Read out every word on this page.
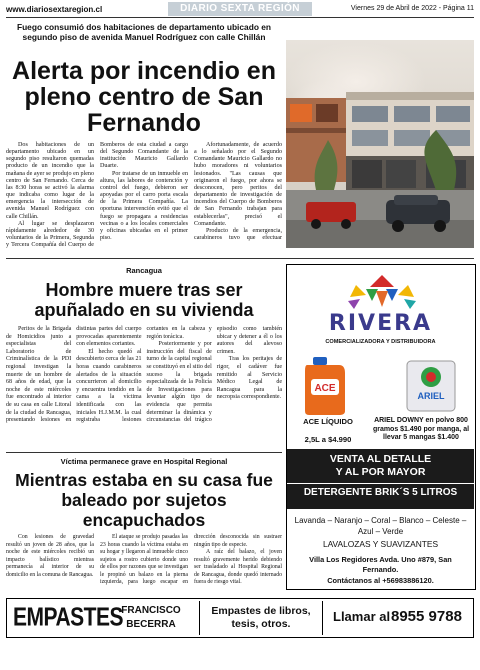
www.diariosextaregion.cl	DIARIO SEXTA REGIÓN	Viernes 29 de Abril de 2022 - Página 11
Fuego consumió dos habitaciones de departamento ubicado en segundo piso de avenida Manuel Rodríguez con calle Chillán
Alerta por incendio en pleno centro de San Fernando

Dos habitaciones de un departamento ubicado en un segundo piso resultaron quemadas producto de un incendio que la mañana de ayer se produjo en pleno centro de San Fernando. Cerca de las 8:30 horas se activó la alarma que indicaba como lugar de la emergencia la intersección de avenida Manuel Rodríguez con calle Chillán.

Al lugar se desplazaron rápidamente alrededor de 30 voluntarios de la Primera, Segunda y Tercera Compañía del Cuerpo de Bomberos de esta ciudad a cargo del Segundo Comandante de la institución Mauricio Gallardo Duarte.

Por tratarse de un inmueble en altura, las labores de contención y control del fuego, debieron ser apoyadas por el carro porta escala de la Primera Compañía. La oportuna intervención evitó que el fuego se propagara a residencias vecinas o a los locales comerciales y oficinas ubicadas en el primer piso.

Afortunadamente, de acuerdo a lo señalado por el Segundo Comandante Mauricio Gallardo no hubo moradores ni voluntarios lesionados. "Las causas que originaron el fuego, por ahora se desconocen, pero peritos del departamento de investigación de incendios del Cuerpo de Bomberos de San Fernando trabajan para establecerlas", precisó el Comandante.

Producto de la emergencia, carabineros tuvo que efectuar

Rancagua
Hombre muere tras ser apuñalado en su vivienda

Peritos de la Brigada de Homicidios junto a especialistas del Laboratorio de Criminalística de la PDI regional investigan la muerte de un hombre de 68 años de edad, que la noche de este miércoles fue encontrado al interior de su casa en calle Litoral de la ciudad de Rancagua, presentando lesiones en distintas partes del cuerpo provocadas aparentemente con elementos cortantes.

El hecho quedó al descubierto cerca de las 21 horas cuando carabineros alertados de la situación concurrieron al domicilio y encuentra tendido en la cama a la víctima identificada con las iniciales H.J.M.M. la cual registraba lesiones cortantes en la cabeza y región torácica.

Posteriormente y por instrucción del fiscal de turno de la capital regional se constituyó en el sitio del suceso la brigada especializada de la Policía de Investigaciones para levantar algún tipo de evidencia que permita determinar la dinámica y circunstancias del trágico episodio como también ubicar y detener a él o los autores del alevoso crimen.

Tras los peritajes de rigor, el cadáver fue remitido al Servicio Médico Legal de Rancagua para la necropsia correspondiente.

Víctima permanece grave en Hospital Regional
Mientras estaba en su casa fue baleado por sujetos encapuchados

Con lesiones de gravedad resultó un joven de 28 años, que la noche de este miércoles recibió un impacto balístico mientras permanecía al interior de su domicilio en la comuna de Rancagua.

El ataque se produjo pasadas las 23 horas cuando la víctima estaba en su hogar y llegaron al inmueble cinco sujetos a rostro cubierto donde uno de ellos por razones que se investigan le propinó un balazo en la pierna izquierda, para luego escapar en dirección desconocida sin sustraer ningún tipo de especie.

A raíz del balazo, el joven resultó gravemente herido debiendo ser trasladado al Hospital Regional de Rancagua, donde quedó internado fuera de riesgo vital.

RIVERA
COMERCIALIZADORA Y DISTRIBUIDORA
ACE
ARIEL
ACE LÍQUIDO
2,5L a $4.990
ARIEL DOWNY en polvo 800 gramos $1.490 por manga, al llevar 5 mangas $1.400
VENTA AL DETALLE
Y AL POR MAYOR
DETERGENTE BRIK´S 5 LITROS
Lavanda – Naranjo – Coral – Blanco – Celeste – Azul – Verde
LAVALOZAS Y SUAVIZANTES
Villa Los Regidores Avda. Uno #879, San Fernando.
Contáctanos al +56983886120.
EMPASTES
FRANCISCO
BECERRA
Empastes de libros, tesis, otros.	Llamar al 8955 9788
